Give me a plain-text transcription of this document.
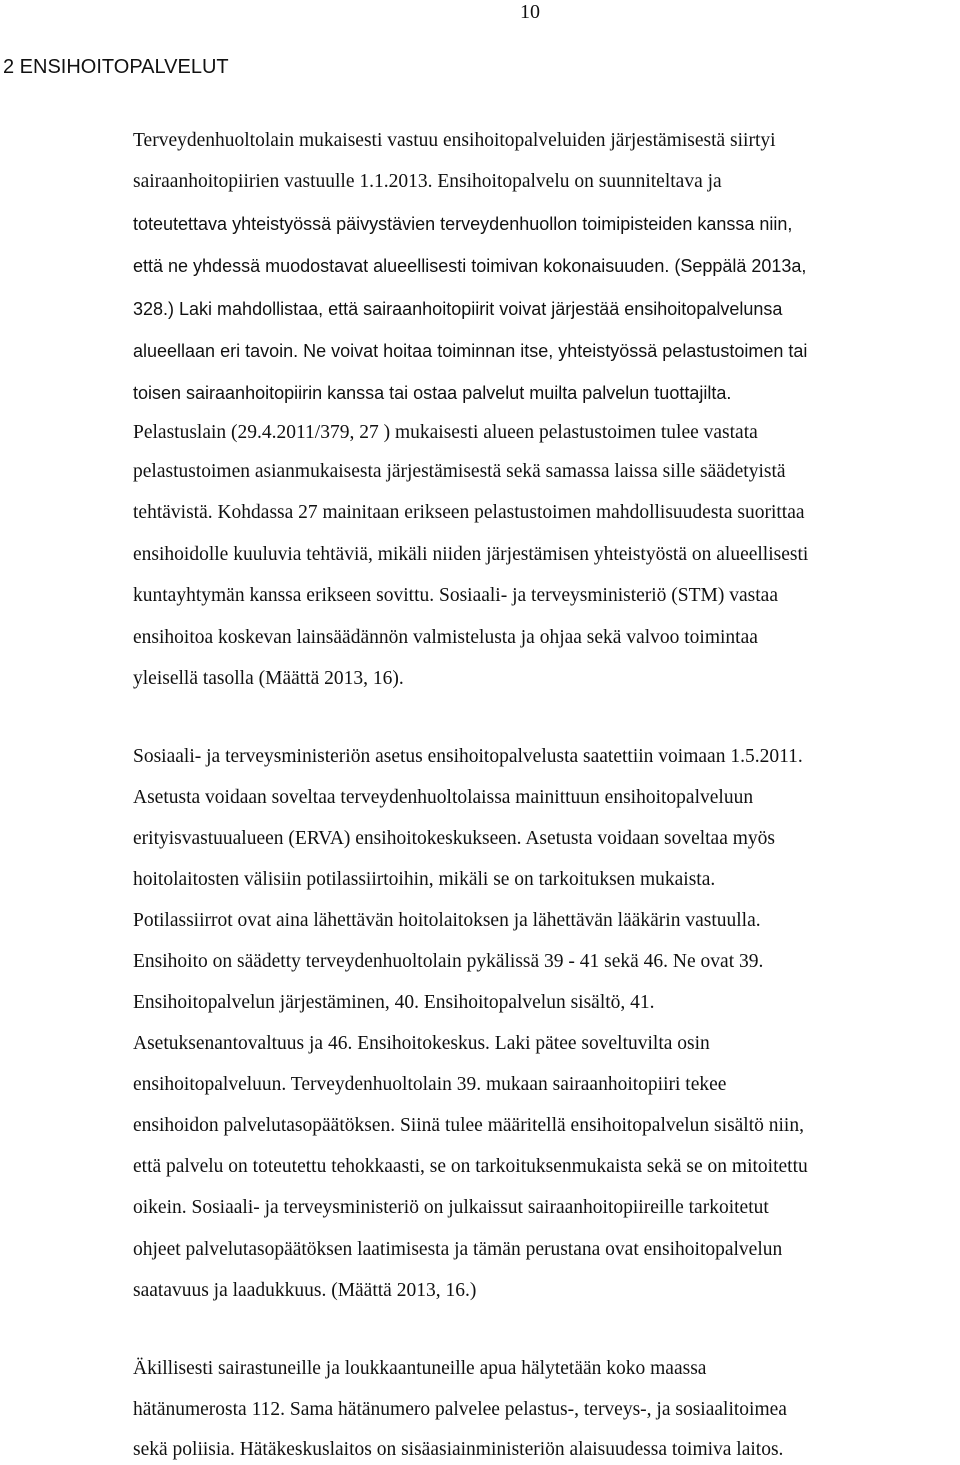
10
2 ENSIHOITOPALVELUT
Terveydenhuoltolain mukaisesti vastuu ensihoitopalveluiden järjestämisestä siirtyi
sairaanhoitopiirien vastuulle 1.1.2013. Ensihoitopalvelu on suunniteltava ja
toteutettava yhteistyössä päivystävien terveydenhuollon toimipisteiden kanssa niin,
että ne yhdessä muodostavat alueellisesti toimivan kokonaisuuden. (Seppälä 2013a,
328.) Laki mahdollistaa, että sairaanhoitopiirit voivat järjestää ensihoitopalvelunsa
alueellaan eri tavoin. Ne voivat hoitaa toiminnan itse, yhteistyössä pelastustoimen tai
toisen sairaanhoitopiirin kanssa tai ostaa palvelut muilta palvelun tuottajilta.
Pelastuslain (29.4.2011/379, 27 ) mukaisesti alueen pelastustoimen tulee vastata
pelastustoimen asianmukaisesta järjestämisestä sekä samassa laissa sille säädetyistä
tehtävistä. Kohdassa 27 mainitaan erikseen pelastustoimen mahdollisuudesta suorittaa
ensihoidolle kuuluvia tehtäviä, mikäli niiden järjestämisen yhteistyöstä on alueellisesti
kuntayhtymän kanssa erikseen sovittu. Sosiaali- ja terveysministeriö (STM) vastaa
ensihoitoa koskevan lainsäädännön valmistelusta ja ohjaa sekä valvoo toimintaa
yleisellä tasolla (Määttä 2013, 16).
Sosiaali- ja terveysministeriön asetus ensihoitopalvelusta saatettiin voimaan 1.5.2011.
Asetusta voidaan soveltaa terveydenhuoltolaissa mainittuun ensihoitopalveluun
erityisvastuualueen (ERVA) ensihoitokeskukseen. Asetusta voidaan soveltaa myös
hoitolaitosten välisiin potilassiirtoihin, mikäli se on tarkoituksen mukaista.
Potilassiirrot ovat aina lähettävän hoitolaitoksen ja lähettävän lääkärin vastuulla.
Ensihoito on säädetty terveydenhuoltolain pykälissä 39 - 41 sekä 46. Ne ovat 39.
Ensihoitopalvelun järjestäminen, 40. Ensihoitopalvelun sisältö, 41.
Asetuksenantovaltuus ja 46. Ensihoitokeskus. Laki pätee soveltuvilta osin
ensihoitopalveluun. Terveydenhuoltolain 39. mukaan sairaanhoitopiiri tekee
ensihoidon palvelutasopäätöksen. Siinä tulee määritellä ensihoitopalvelun sisältö niin,
että palvelu on toteutettu tehokkaasti, se on tarkoituksenmukaista sekä se on mitoitettu
oikein. Sosiaali- ja terveysministeriö on julkaissut sairaanhoitopiireille tarkoitetut
ohjeet palvelutasopäätöksen laatimisesta ja tämän perustana ovat ensihoitopalvelun
saatavuus ja laadukkuus. (Määttä 2013, 16.)
Äkillisesti sairastuneille ja loukkaantuneille apua hälytetään koko maassa
hätänumerosta 112. Sama hätänumero palvelee pelastus-, terveys-, ja sosiaalitoimea
sekä poliisia. Hätäkeskuslaitos on sisäasiainministeriön alaisuudessa toimiva laitos.
